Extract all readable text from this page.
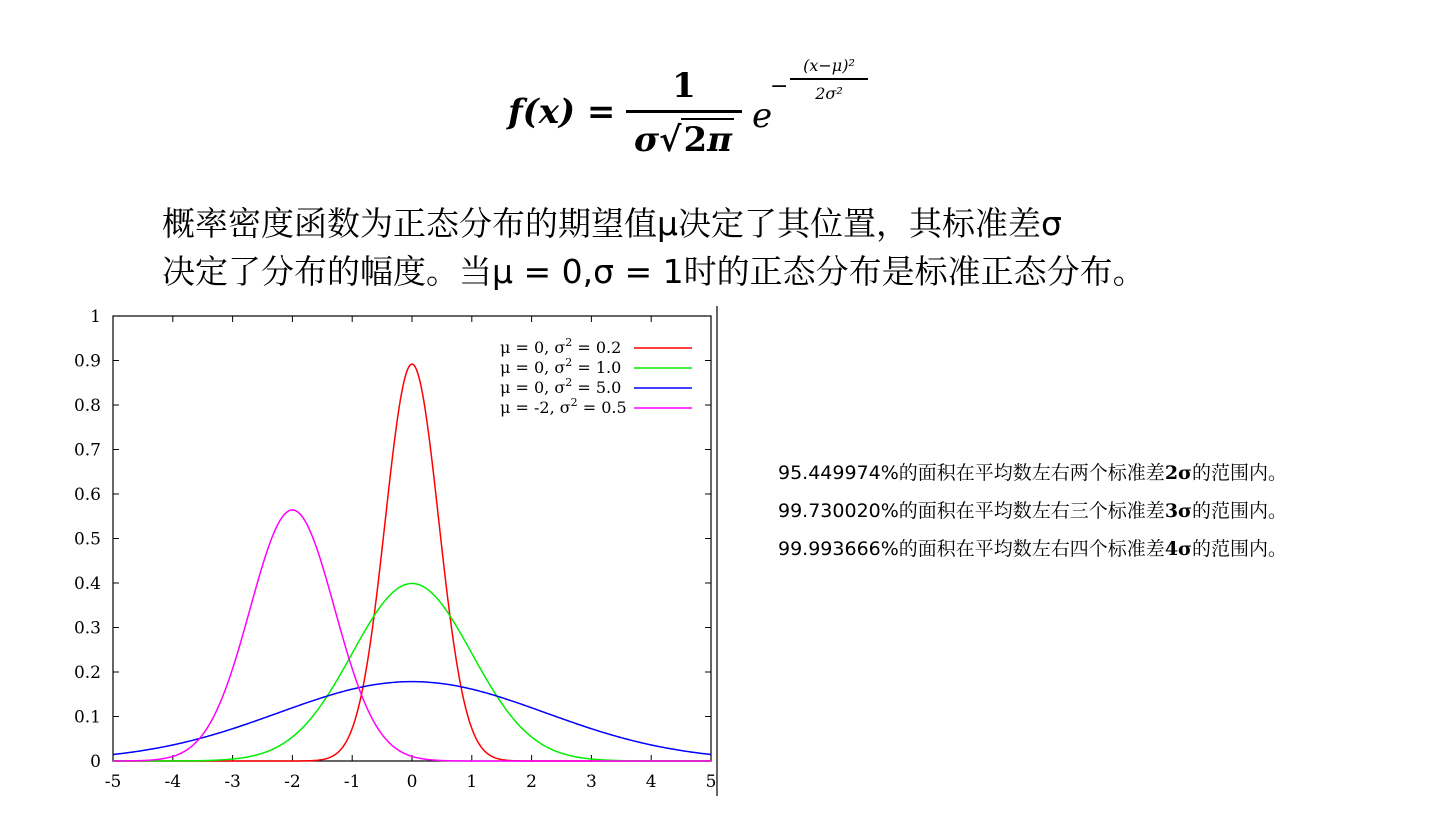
f(x) =
1
σ√2π
e
−
(x−μ)²
2σ²
概率密度函数为正态分布的期望值μ决定了其位置，其标准差σ
决定了分布的幅度。当μ = 0,σ = 1时的正态分布是标准正态分布。
-5	-4	-3	-2	-1	0	1	2	3	4	5
0
0.1
0.2
0.3
0.4
0.5
0.6
0.7
0.8
0.9
1
μ = 0, $\sigma^2 = 0.2$
μ = 0, $\sigma^2 = 1.0$
μ = 0, $\sigma^2 = 5.0$
μ = -2, $\sigma^2 = 0.5$
95.449974%的面积在平均数左右两个标准差2σ的范围内。
99.730020%的面积在平均数左右三个标准差3σ的范围内。
99.993666%的面积在平均数左右四个标准差4σ的范围内。
